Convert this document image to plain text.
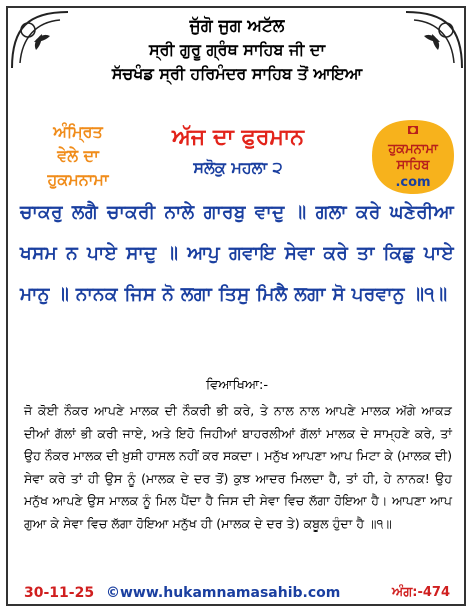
ਜੁੱਗੋ ਜੁਗ ਅਟੱਲ
ਸ੍ਰੀ ਗੁਰੂ ਗ੍ਰੰਥ ਸਾਹਿਬ ਜੀ ਦਾ
ਸੱਚਖੰਡ ਸ੍ਰੀ ਹਰਿਮੰਦਰ ਸਾਹਿਬ ਤੋਂ ਆਇਆ
ਅੰਮ੍ਰਿਤ
ਵੇਲੇ ਦਾ
ਹੁਕਮਨਾਮਾ
ਅੱਜ ਦਾ ਫੁਰਮਾਨ
ਸਲੋਕੁ ਮਹਲਾ ੨
ਹੁਕਮਨਾਮਾ
ਸਾਹਿਬ
.com
ਚਾਕਰੁ ਲਗੈ ਚਾਕਰੀ ਨਾਲੇ ਗਾਰਬੁ ਵਾਦੁ ॥ ਗਲਾ ਕਰੇ ਘਣੇਰੀਆ ਖਸਮ ਨ ਪਾਏ ਸਾਦੁ ॥ ਆਪੁ ਗਵਾਇ ਸੇਵਾ ਕਰੇ ਤਾ ਕਿਛੁ ਪਾਏ ਮਾਨੁ ॥ ਨਾਨਕ ਜਿਸ ਨੋ ਲਗਾ ਤਿਸੁ ਮਿਲੈ ਲਗਾ ਸੋ ਪਰਵਾਨੁ ॥੧॥
ਵਿਆਖਿਆ:-
ਜੋ ਕੋਈ ਨੌਕਰ ਆਪਣੇ ਮਾਲਕ ਦੀ ਨੌਕਰੀ ਭੀ ਕਰੇ, ਤੇ ਨਾਲ ਨਾਲ ਆਪਣੇ ਮਾਲਕ ਅੱਗੇ ਆਕੜ ਦੀਆਂ ਗੱਲਾਂ ਭੀ ਕਰੀ ਜਾਏ, ਅਤੇ ਇਹੋ ਜਿਹੀਆਂ ਬਾਹਰਲੀਆਂ ਗੱਲਾਂ ਮਾਲਕ ਦੇ ਸਾਮ੍ਹਣੇ ਕਰੇ, ਤਾਂ ਉਹ ਨੌਕਰ ਮਾਲਕ ਦੀ ਖ਼ੁਸ਼ੀ ਹਾਸਲ ਨਹੀਂ ਕਰ ਸਕਦਾ। ਮਨੁੱਖ ਆਪਣਾ ਆਪ ਮਿਟਾ ਕੇ (ਮਾਲਕ ਦੀ) ਸੇਵਾ ਕਰੇ ਤਾਂ ਹੀ ਉਸ ਨੂੰ (ਮਾਲਕ ਦੇ ਦਰ ਤੋਂ) ਕੁਝ ਆਦਰ ਮਿਲਦਾ ਹੈ, ਤਾਂ ਹੀ, ਹੇ ਨਾਨਕ! ਉਹ ਮਨੁੱਖ ਆਪਣੇ ਉਸ ਮਾਲਕ ਨੂੰ ਮਿਲ ਪੈਂਦਾ ਹੈ ਜਿਸ ਦੀ ਸੇਵਾ ਵਿਚ ਲੱਗਾ ਹੋਇਆ ਹੈ। ਆਪਣਾ ਆਪ ਗੁਆ ਕੇ ਸੇਵਾ ਵਿਚ ਲੱਗਾ ਹੋਇਆ ਮਨੁੱਖ ਹੀ (ਮਾਲਕ ਦੇ ਦਰ ਤੇ) ਕਬੂਲ ਹੁੰਦਾ ਹੈ ॥੧॥
30-11-25 ©www.hukamnamasahib.com	ਅੰਗ:-474
